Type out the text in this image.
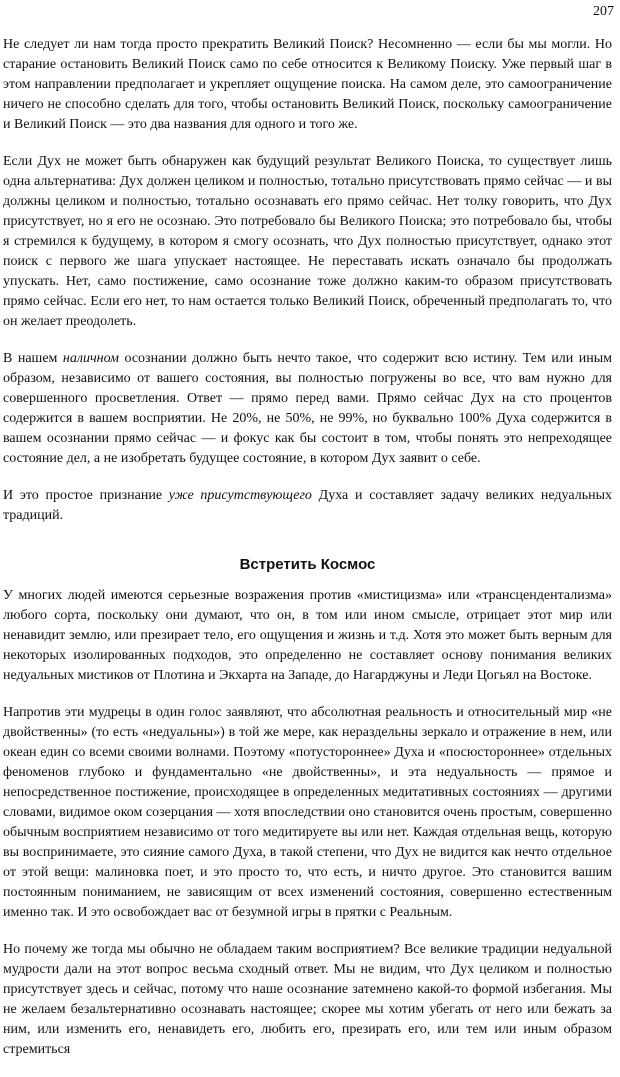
207

Не следует ли нам тогда просто прекратить Великий Поиск? Несомненно — если бы мы могли. Но старание остановить Великий Поиск само по себе относится к Великому Поиску. Уже первый шаг в этом направлении предполагает и укрепляет ощущение поиска. На самом деле, это самоограничение ничего не способно сделать для того, чтобы остановить Великий Поиск, поскольку самоограничение и Великий Поиск — это два названия для одного и того же.

Если Дух не может быть обнаружен как будущий результат Великого Поиска, то существует лишь одна альтернатива: Дух должен целиком и полностью, тотально присутствовать прямо сейчас — и вы должны целиком и полностью, тотально осознавать его прямо сейчас. Нет толку говорить, что Дух присутствует, но я его не осознаю. Это потребовало бы Великого Поиска; это потребовало бы, чтобы я стремился к будущему, в котором я смогу осознать, что Дух полностью присутствует, однако этот поиск с первого же шага упускает настоящее. Не переставать искать означало бы продолжать упускать. Нет, само постижение, само осознание тоже должно каким-то образом присутствовать прямо сейчас. Если его нет, то нам остается только Великий Поиск, обреченный предполагать то, что он желает преодолеть.

В нашем наличном осознании должно быть нечто такое, что содержит всю истину. Тем или иным образом, независимо от вашего состояния, вы полностью погружены во все, что вам нужно для совершенного просветления. Ответ — прямо перед вами. Прямо сейчас Дух на сто процентов содержится в вашем восприятии. Не 20%, не 50%, не 99%, но буквально 100% Духа содержится в вашем осознании прямо сейчас — и фокус как бы состоит в том, чтобы понять это непреходящее состояние дел, а не изобретать будущее состояние, в котором Дух заявит о себе.

И это простое признание уже присутствующего Духа и составляет задачу великих недуальных традиций.

Встретить Космос

У многих людей имеются серьезные возражения против «мистицизма» или «трансцендентализма» любого сорта, поскольку они думают, что он, в том или ином смысле, отрицает этот мир или ненавидит землю, или презирает тело, его ощущения и жизнь и т.д. Хотя это может быть верным для некоторых изолированных подходов, это определенно не составляет основу понимания великих недуальных мистиков от Плотина и Экхарта на Западе, до Нагарджуны и Леди Цогьял на Востоке.

Напротив эти мудрецы в один голос заявляют, что абсолютная реальность и относительный мир «не двойственны» (то есть «недуальны») в той же мере, как нераздельны зеркало и отражение в нем, или океан един со всеми своими волнами. Поэтому «потустороннее» Духа и «посюстороннее» отдельных феноменов глубоко и фундаментально «не двойственны», и эта недуальность — прямое и непосредственное постижение, происходящее в определенных медитативных состояниях — другими словами, видимое оком созерцания — хотя впоследствии оно становится очень простым, совершенно обычным восприятием независимо от того медитируете вы или нет. Каждая отдельная вещь, которую вы воспринимаете, это сияние самого Духа, в такой степени, что Дух не видится как нечто отдельное от этой вещи: малиновка поет, и это просто то, что есть, и ничто другое. Это становится вашим постоянным пониманием, не зависящим от всех изменений состояния, совершенно естественным именно так. И это освобождает вас от безумной игры в прятки с Реальным.

Но почему же тогда мы обычно не обладаем таким восприятием? Все великие традиции недуальной мудрости дали на этот вопрос весьма сходный ответ. Мы не видим, что Дух целиком и полностью присутствует здесь и сейчас, потому что наше осознание затемнено какой-то формой избегания. Мы не желаем безальтернативно осознавать настоящее; скорее мы хотим убегать от него или бежать за ним, или изменить его, ненавидеть его, любить его, презирать его, или тем или иным образом стремиться
